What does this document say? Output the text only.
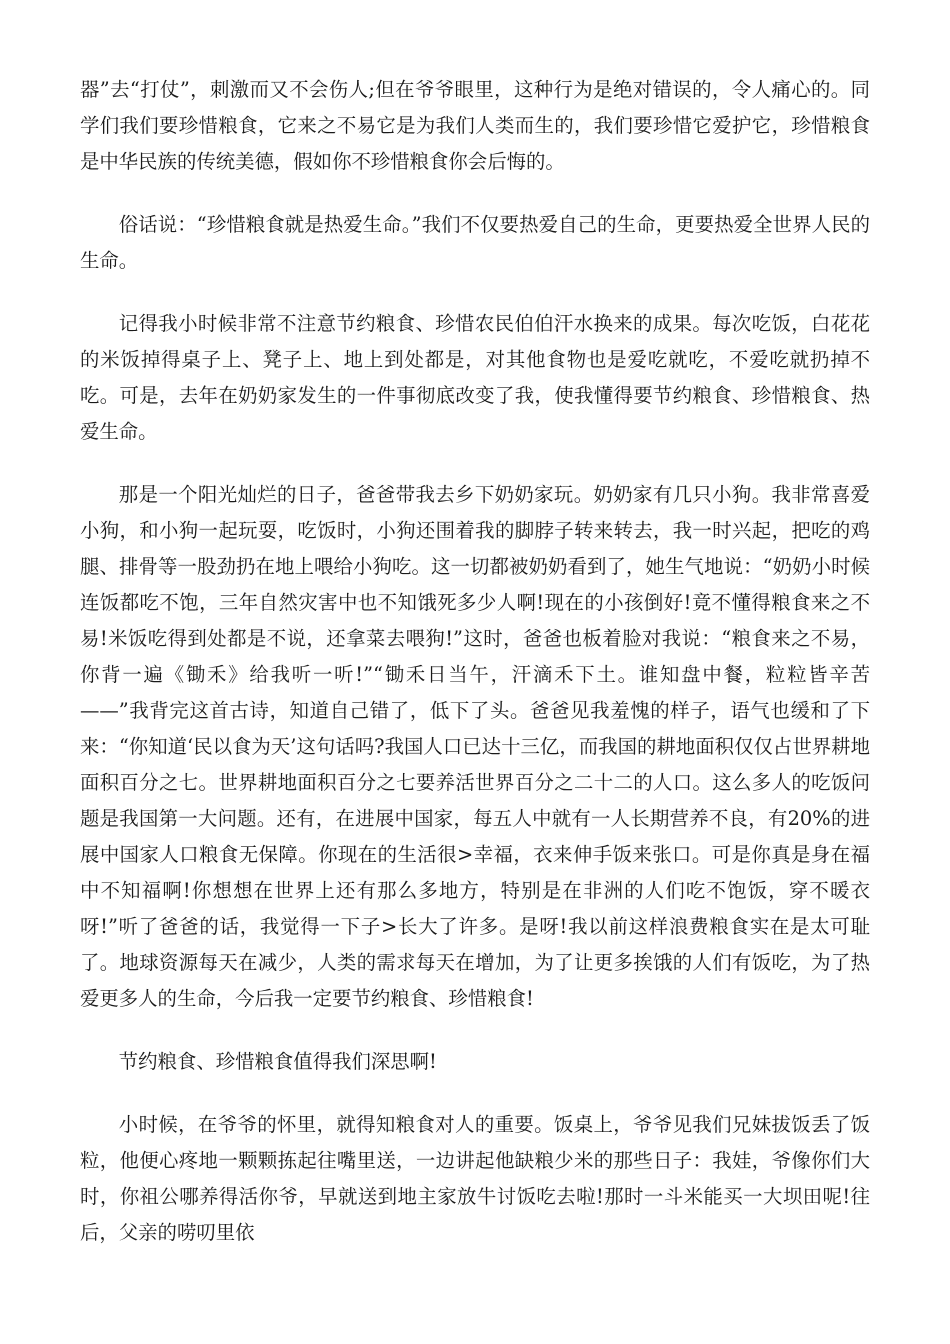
器”去“打仗”，刺激而又不会伤人;但在爷爷眼里，这种行为是绝对错误的，令人痛心的。同学们我们要珍惜粮食，它来之不易它是为我们人类而生的，我们要珍惜它爱护它，珍惜粮食是中华民族的传统美德，假如你不珍惜粮食你会后悔的。

俗话说：“珍惜粮食就是热爱生命。”我们不仅要热爱自己的生命，更要热爱全世界人民的生命。

记得我小时候非常不注意节约粮食、珍惜农民伯伯汗水换来的成果。每次吃饭，白花花的米饭掉得桌子上、凳子上、地上到处都是，对其他食物也是爱吃就吃，不爱吃就扔掉不吃。可是，去年在奶奶家发生的一件事彻底改变了我，使我懂得要节约粮食、珍惜粮食、热爱生命。

那是一个阳光灿烂的日子，爸爸带我去乡下奶奶家玩。奶奶家有几只小狗。我非常喜爱小狗，和小狗一起玩耍，吃饭时，小狗还围着我的脚脖子转来转去，我一时兴起，把吃的鸡腿、排骨等一股劲扔在地上喂给小狗吃。这一切都被奶奶看到了，她生气地说：“奶奶小时候连饭都吃不饱，三年自然灾害中也不知饿死多少人啊!现在的小孩倒好!竟不懂得粮食来之不易!米饭吃得到处都是不说，还拿菜去喂狗!”这时，爸爸也板着脸对我说：“粮食来之不易，你背一遍《锄禾》给我听一听!”“锄禾日当午，汗滴禾下土。谁知盘中餐，粒粒皆辛苦——”我背完这首古诗，知道自己错了，低下了头。爸爸见我羞愧的样子，语气也缓和了下来：“你知道‘民以食为天’这句话吗?我国人口已达十三亿，而我国的耕地面积仅仅占世界耕地面积百分之七。世界耕地面积百分之七要养活世界百分之二十二的人口。这么多人的吃饭问题是我国第一大问题。还有，在进展中国家，每五人中就有一人长期营养不良，有20%的进展中国家人口粮食无保障。你现在的生活很>幸福，衣来伸手饭来张口。可是你真是身在福中不知福啊!你想想在世界上还有那么多地方，特别是在非洲的人们吃不饱饭，穿不暖衣呀!”听了爸爸的话，我觉得一下子>长大了许多。是呀!我以前这样浪费粮食实在是太可耻了。地球资源每天在减少，人类的需求每天在增加，为了让更多挨饿的人们有饭吃，为了热爱更多人的生命，今后我一定要节约粮食、珍惜粮食!

节约粮食、珍惜粮食值得我们深思啊!

小时候，在爷爷的怀里，就得知粮食对人的重要。饭桌上，爷爷见我们兄妹拔饭丢了饭粒，他便心疼地一颗颗拣起往嘴里送，一边讲起他缺粮少米的那些日子：我娃，爷像你们大时，你祖公哪养得活你爷，早就送到地主家放牛讨饭吃去啦!那时一斗米能买一大坝田呢!往后，父亲的唠叨里依
